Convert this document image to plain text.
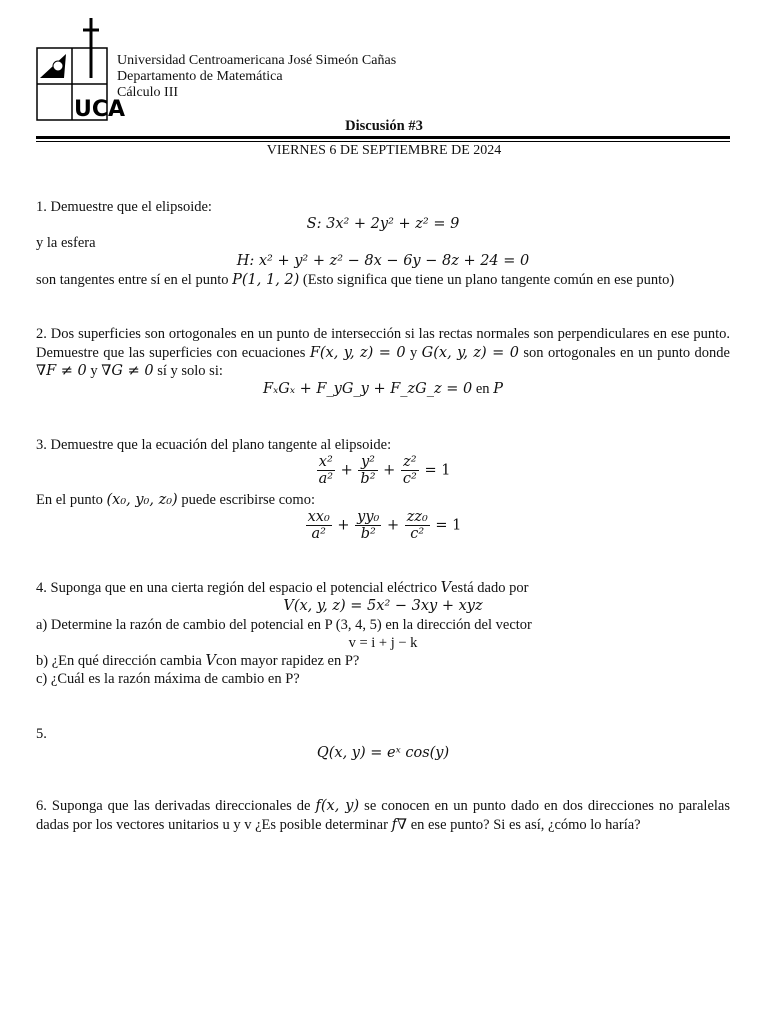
UCA
Universidad Centroamericana José Simeón Cañas
Departamento de Matemática
Cálculo III
Discusión #3
VIERNES 6 DE SEPTIEMBRE DE 2024
1. Demuestre que el elipsoide:
S: 3x² + 2y² + z² = 9
y la esfera
H: x² + y² + z² − 8x − 6y − 8z + 24 = 0
son tangentes entre sí en el punto P(1, 1, 2) (Esto significa que tiene un plano tangente común en ese punto)
2. Dos superficies son ortogonales en un punto de intersección si las rectas normales son perpendiculares en ese punto. Demuestre que las superficies con ecuaciones F(x, y, z) = 0 y G(x, y, z) = 0 son ortogonales en un punto donde ∇F ≠ 0 y ∇G ≠ 0 sí y solo si:
FₓGₓ + F_yG_y + F_zG_z = 0 en P
3. Demuestre que la ecuación del plano tangente al elipsoide:
$\frac{\text{x²}}{\text{a²}} + \frac{\text{y²}}{\text{b²}} + \frac{\text{z²}}{\text{c²}} = 1$
En el punto (x₀, y₀, z₀) puede escribirse como:
$\frac{\text{xx₀}}{\text{a²}} + \frac{\text{yy₀}}{\text{b²}} + \frac{\text{zz₀}}{\text{c²}} = 1$
4. Suponga que en una cierta región del espacio el potencial eléctrico Vestá dado por
V(x, y, z) = 5x² − 3xy + xyz
a) Determine la razón de cambio del potencial en P (3, 4, 5) en la dirección del vector
v = i + j − k
b) ¿En qué dirección cambia Vcon mayor rapidez en P?
c) ¿Cuál es la razón máxima de cambio en P?
5.
Q(x, y) = eˣ cos(y)
6. Suponga que las derivadas direccionales de f(x, y) se conocen en un punto dado en dos direcciones no paralelas dadas por los vectores unitarios u y v ¿Es posible determinar f∇ en ese punto? Si es así, ¿cómo lo haría?
